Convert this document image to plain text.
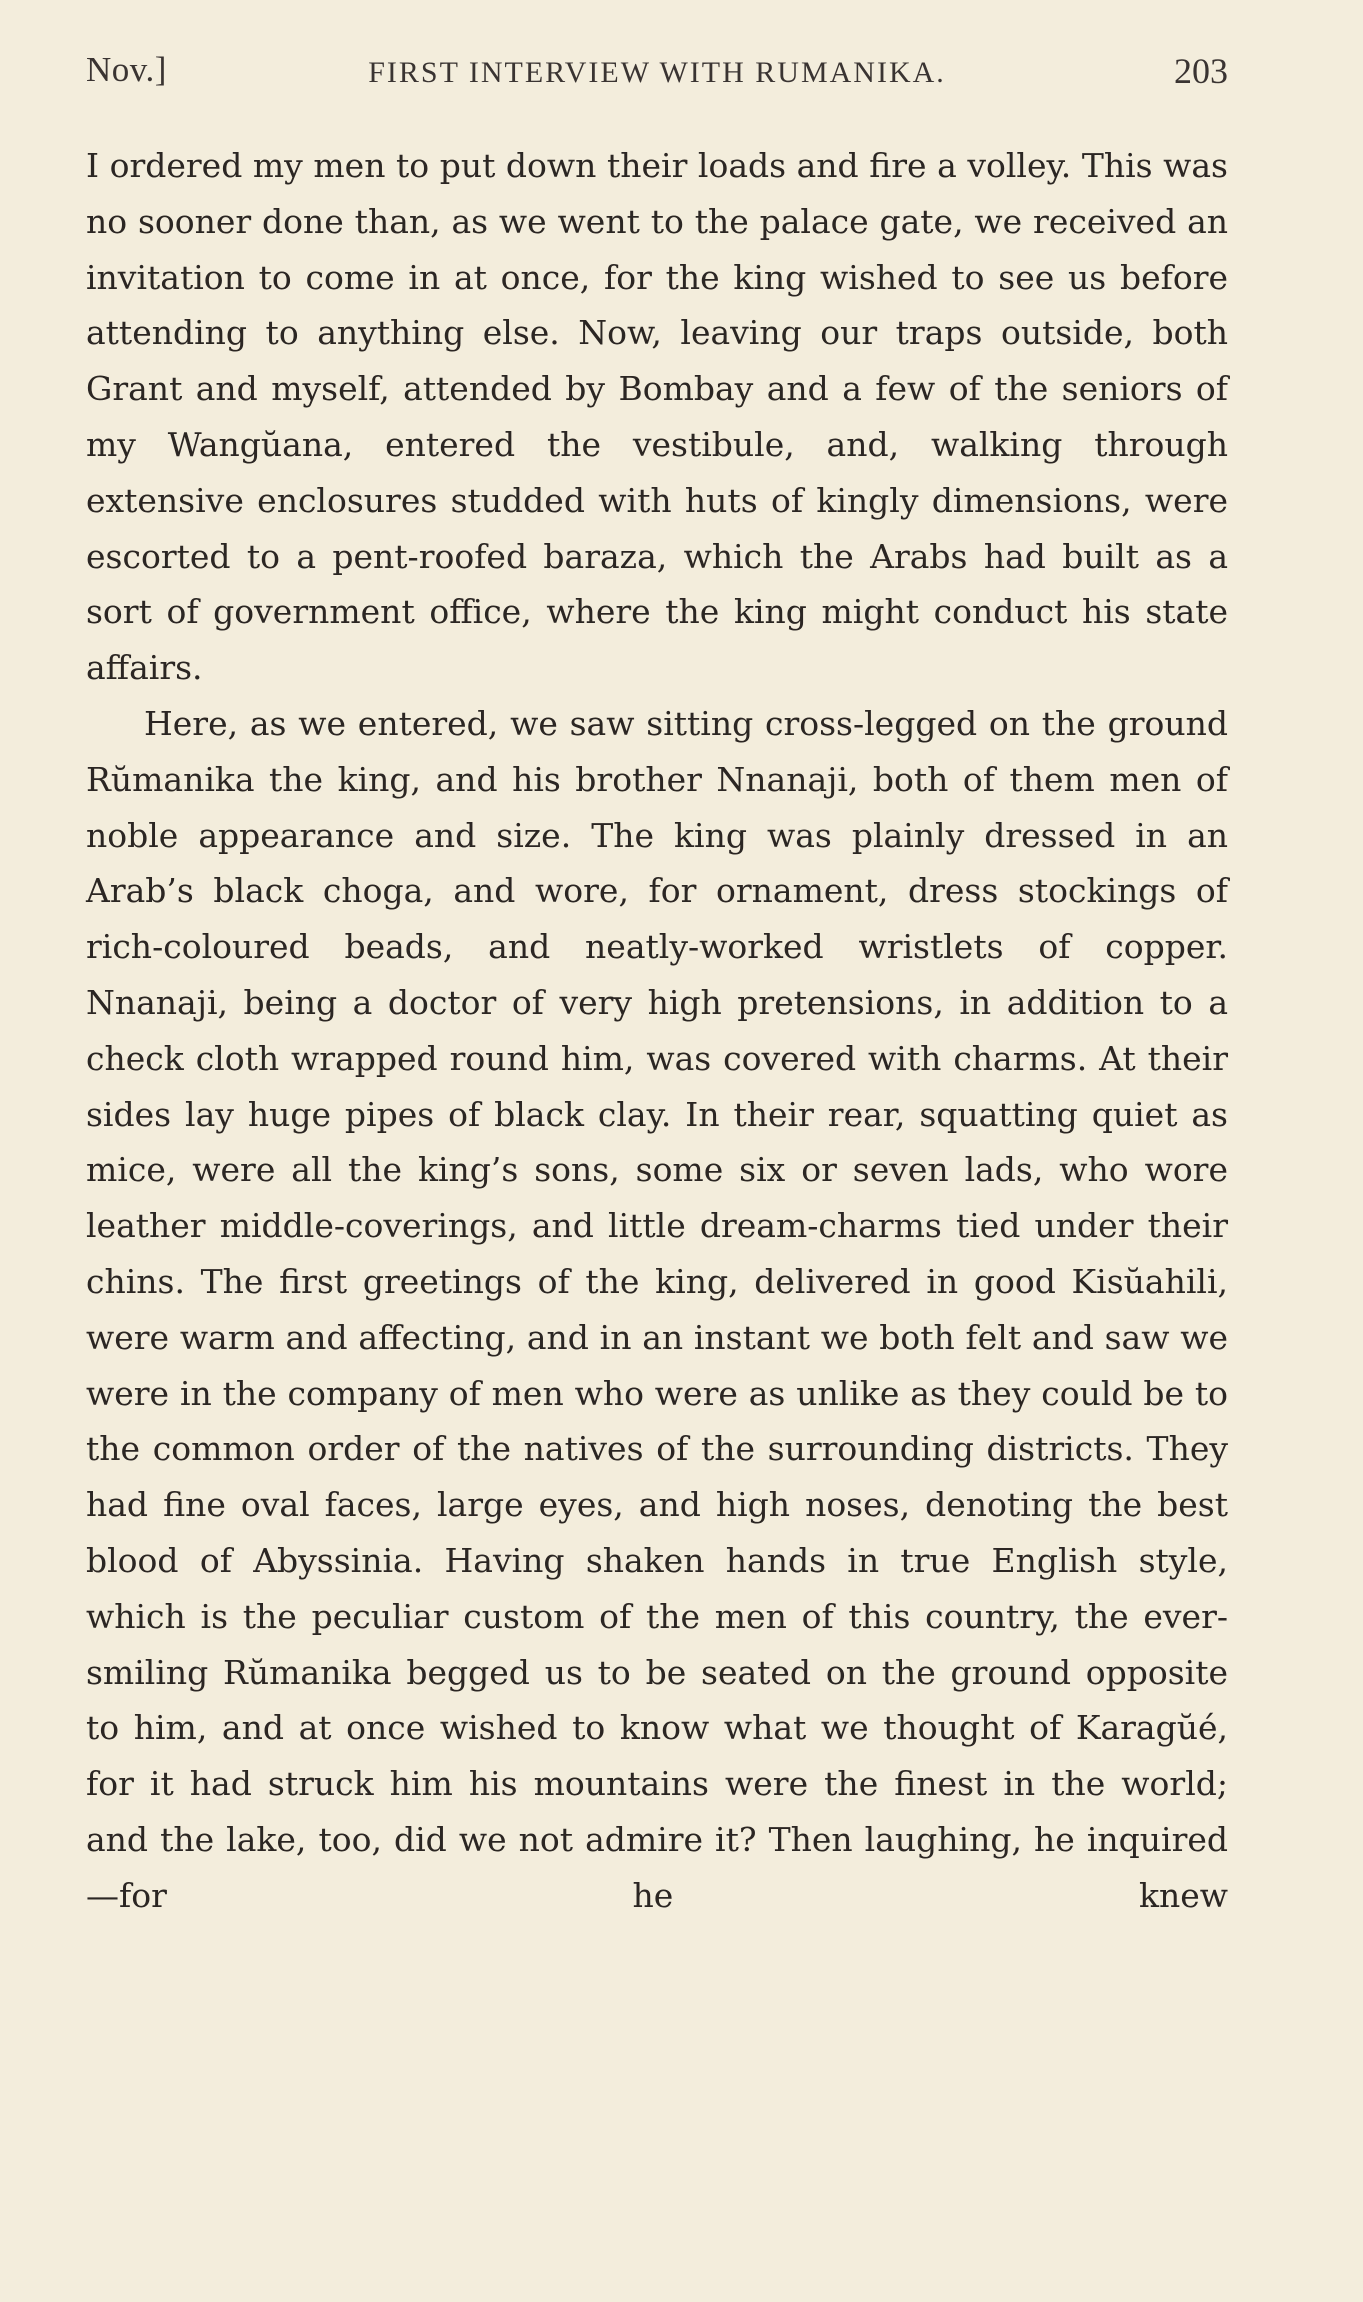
Nov.]	FIRST INTERVIEW WITH RUMANIKA.	203

I ordered my men to put down their loads and fire a volley. This was no sooner done than, as we went to the palace gate, we received an invitation to come in at once, for the king wished to see us before attending to anything else. Now, leaving our traps outside, both Grant and myself, attended by Bombay and a few of the seniors of my Wangŭana, entered the vestibule, and, walking through extensive enclosures studded with huts of kingly dimensions, were escorted to a pent-roofed baraza, which the Arabs had built as a sort of government office, where the king might conduct his state affairs.

Here, as we entered, we saw sitting cross-legged on the ground Rŭmanika the king, and his brother Nnanaji, both of them men of noble appearance and size. The king was plainly dressed in an Arab’s black choga, and wore, for ornament, dress stockings of rich-coloured beads, and neatly-worked wristlets of copper. Nnanaji, being a doctor of very high pretensions, in addition to a check cloth wrapped round him, was covered with charms. At their sides lay huge pipes of black clay. In their rear, squatting quiet as mice, were all the king’s sons, some six or seven lads, who wore leather middle-coverings, and little dream-charms tied under their chins. The first greetings of the king, delivered in good Kisŭahili, were warm and affecting, and in an instant we both felt and saw we were in the company of men who were as unlike as they could be to the common order of the natives of the surrounding districts. They had fine oval faces, large eyes, and high noses, denoting the best blood of Abyssinia. Having shaken hands in true English style, which is the peculiar custom of the men of this country, the ever-smiling Rŭmanika begged us to be seated on the ground opposite to him, and at once wished to know what we thought of Karagŭé, for it had struck him his mountains were the finest in the world; and the lake, too, did we not admire it? Then laughing, he inquired—for he knew
